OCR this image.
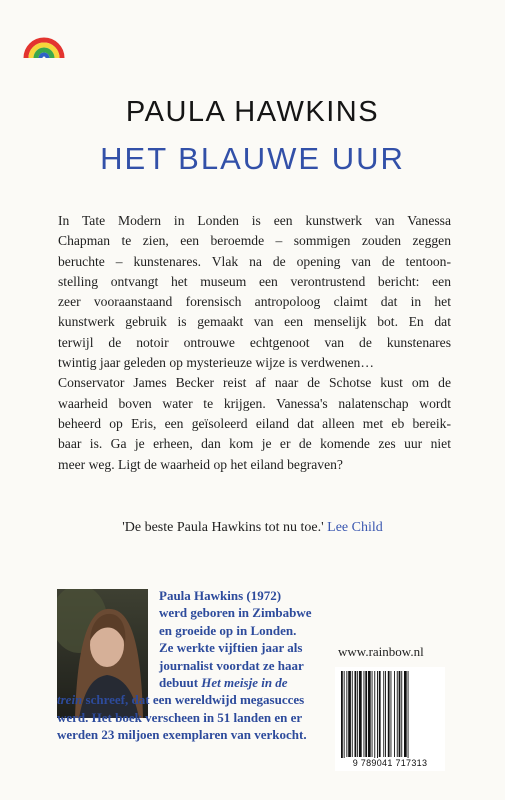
PAULA HAWKINS
HET BLAUWE UUR

In Tate Modern in Londen is een kunstwerk van Vanessa
Chapman te zien, een beroemde – sommigen zouden zeggen
beruchte – kunstenares. Vlak na de opening van de tentoon-
stelling ontvangt het museum een verontrustend bericht: een
zeer vooraanstaand forensisch antropoloog claimt dat in het
kunstwerk gebruik is gemaakt van een menselijk bot. En dat
terwijl de notoir ontrouwe echtgenoot van de kunstenares
twintig jaar geleden op mysterieuze wijze is verdwenen…
Conservator James Becker reist af naar de Schotse kust om de
waarheid boven water te krijgen. Vanessa's nalatenschap wordt
beheerd op Eris, een geïsoleerd eiland dat alleen met eb bereik-
baar is. Ga je erheen, dan kom je er de komende zes uur niet
meer weg. Ligt de waarheid op het eiland begraven?

'De beste Paula Hawkins tot nu toe.' Lee Child

Paula Hawkins (1972)
werd geboren in Zimbabwe
en groeide op in Londen.
Ze werkte vijftien jaar als
journalist voordat ze haar
debuut Het meisje in de
trein schreef, dat een wereldwijd megasucces
werd. Het boek verscheen in 51 landen en er
werden 23 miljoen exemplaren van verkocht.

www.rainbow.nl
9 789041 717313
